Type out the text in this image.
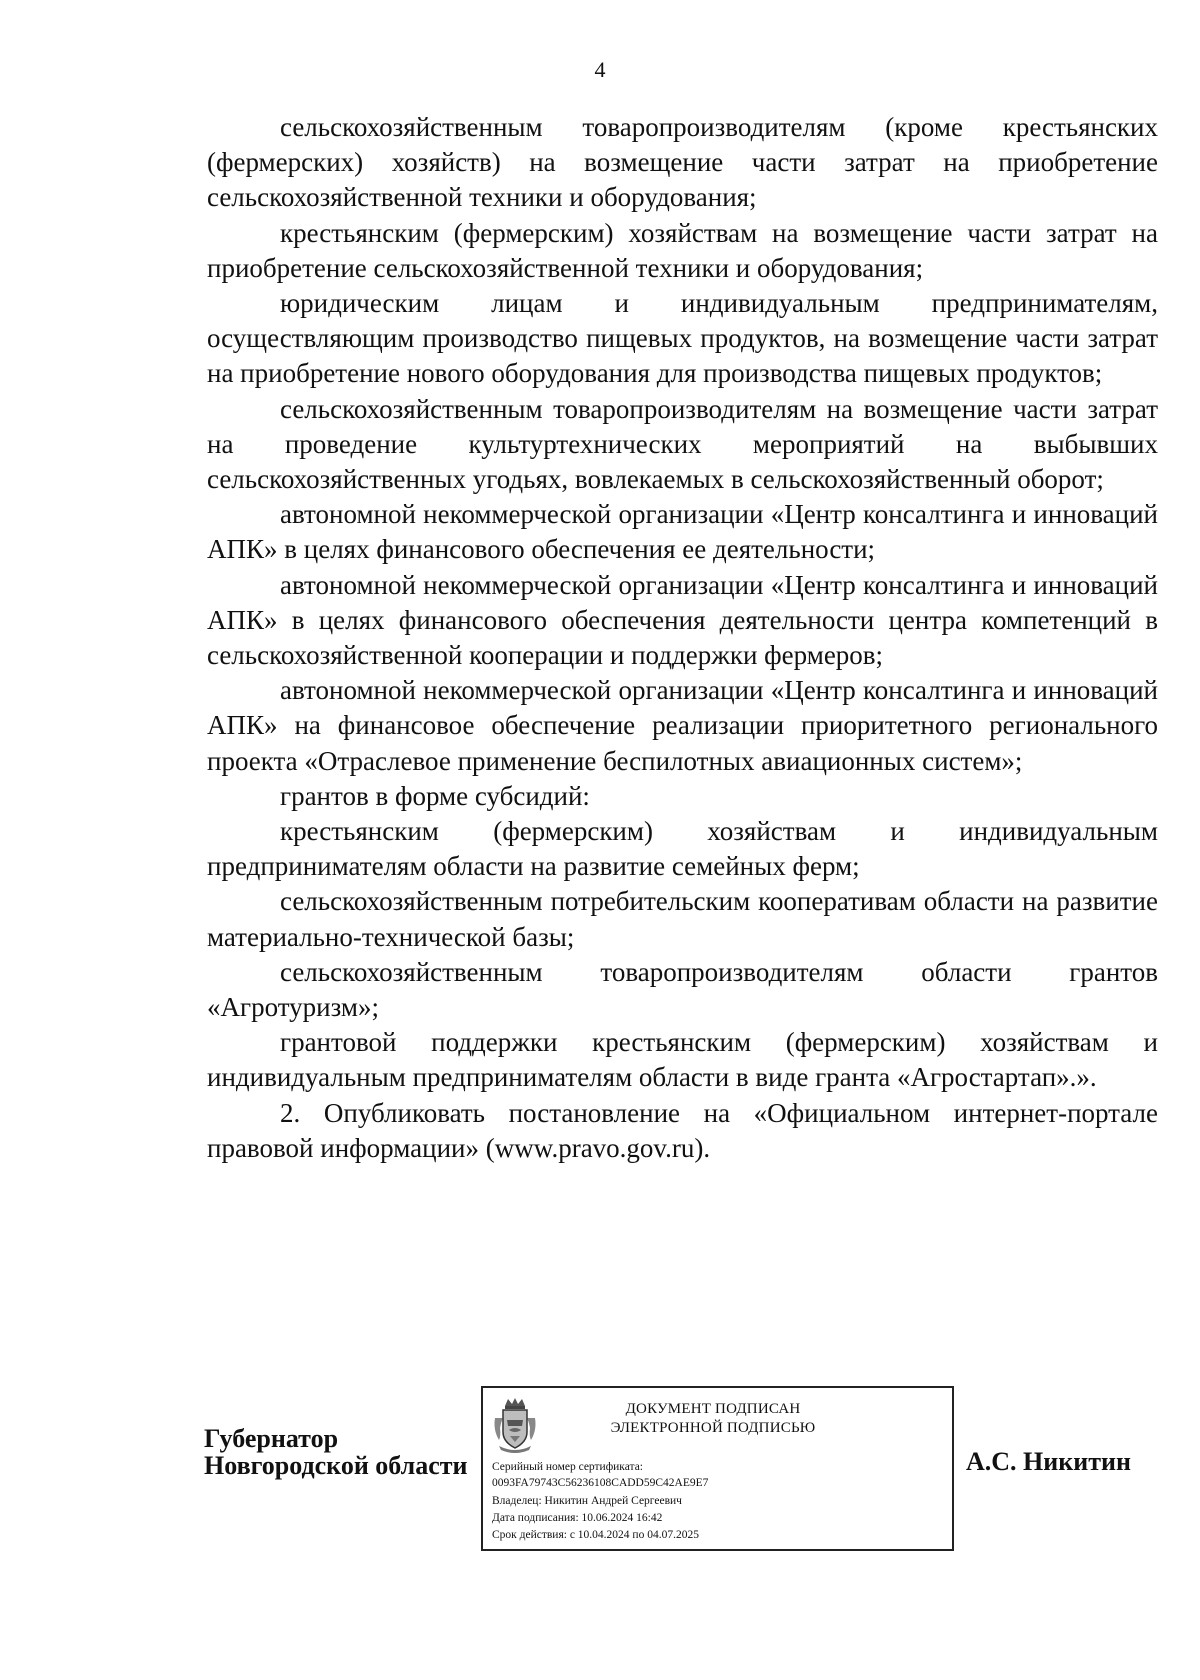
4

сельскохозяйственным товаропроизводителям (кроме крестьянских (фермерских) хозяйств) на возмещение части затрат на приобретение сельскохозяйственной техники и оборудования;

крестьянским (фермерским) хозяйствам на возмещение части затрат на приобретение сельскохозяйственной техники и оборудования;

юридическим лицам и индивидуальным предпринимателям, осуществляющим производство пищевых продуктов, на возмещение части затрат на приобретение нового оборудования для производства пищевых продуктов;

сельскохозяйственным товаропроизводителям на возмещение части затрат на проведение культуртехнических мероприятий на выбывших сельскохозяйственных угодьях, вовлекаемых в сельскохозяйственный оборот;

автономной некоммерческой организации «Центр консалтинга и инноваций АПК» в целях финансового обеспечения ее деятельности;

автономной некоммерческой организации «Центр консалтинга и инноваций АПК» в целях финансового обеспечения деятельности центра компетенций в сельскохозяйственной кооперации и поддержки фермеров;

автономной некоммерческой организации «Центр консалтинга и инноваций АПК» на финансовое обеспечение реализации приоритетного регионального проекта «Отраслевое применение беспилотных авиационных систем»;

грантов в форме субсидий:

крестьянским (фермерским) хозяйствам и индивидуальным предпринимателям области на развитие семейных ферм;

сельскохозяйственным потребительским кооперативам области на развитие материально-технической базы;

сельскохозяйственным товаропроизводителям области грантов «Агротуризм»;

грантовой поддержки крестьянским (фермерским) хозяйствам и индивидуальным предпринимателям области в виде гранта «Агростартап».».

2. Опубликовать постановление на «Официальном интернет-портале правовой информации» (www.pravo.gov.ru).

Губернатор
Новгородской области
ДОКУМЕНТ ПОДПИСАН
ЭЛЕКТРОННОЙ ПОДПИСЬЮ
Серийный номер сертификата:
0093FA79743C56236108CADD59C42AE9E7
Владелец: Никитин Андрей Сергеевич
Дата подписания: 10.06.2024 16:42
Срок действия: с 10.04.2024 по 04.07.2025
А.С. Никитин
